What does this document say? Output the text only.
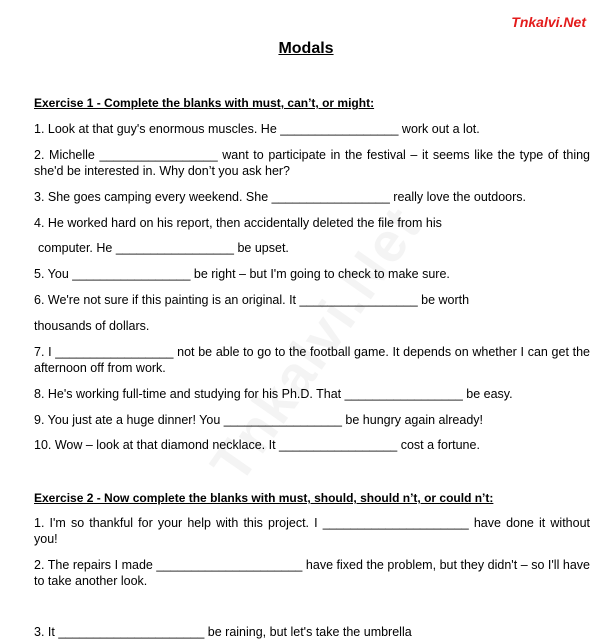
Tnkalvi.Net
Modals
Exercise 1 - Complete the blanks with must, can’t, or might:
1. Look at that guy's enormous muscles. He _________________ work out a lot.
2. Michelle _________________ want to participate in the festival – it seems like the type of thing she'd be interested in. Why don’t you ask her?
3. She goes camping every weekend. She _________________ really love the outdoors.
4. He worked hard on his report, then accidentally deleted the file from his
computer. He _________________ be upset.
5. You _________________ be right – but I'm going to check to make sure.
6. We're not sure if this painting is an original. It _________________ be worth
thousands of dollars.
7. I _________________ not be able to go to the football game. It depends on whether I can get the afternoon off from work.
8. He's working full-time and studying for his Ph.D. That _________________ be easy.
9. You just ate a huge dinner! You _________________ be hungry again already!
10. Wow – look at that diamond necklace. It _________________ cost a fortune.
Exercise 2 - Now complete the blanks with must, should, should n’t, or could n’t:
1. I'm so thankful for your help with this project. I _____________________ have done it without you!
2. The repairs I made _____________________ have fixed the problem, but they didn't – so I'll have to take another look.
3. It _____________________ be raining, but let's take the umbrella
